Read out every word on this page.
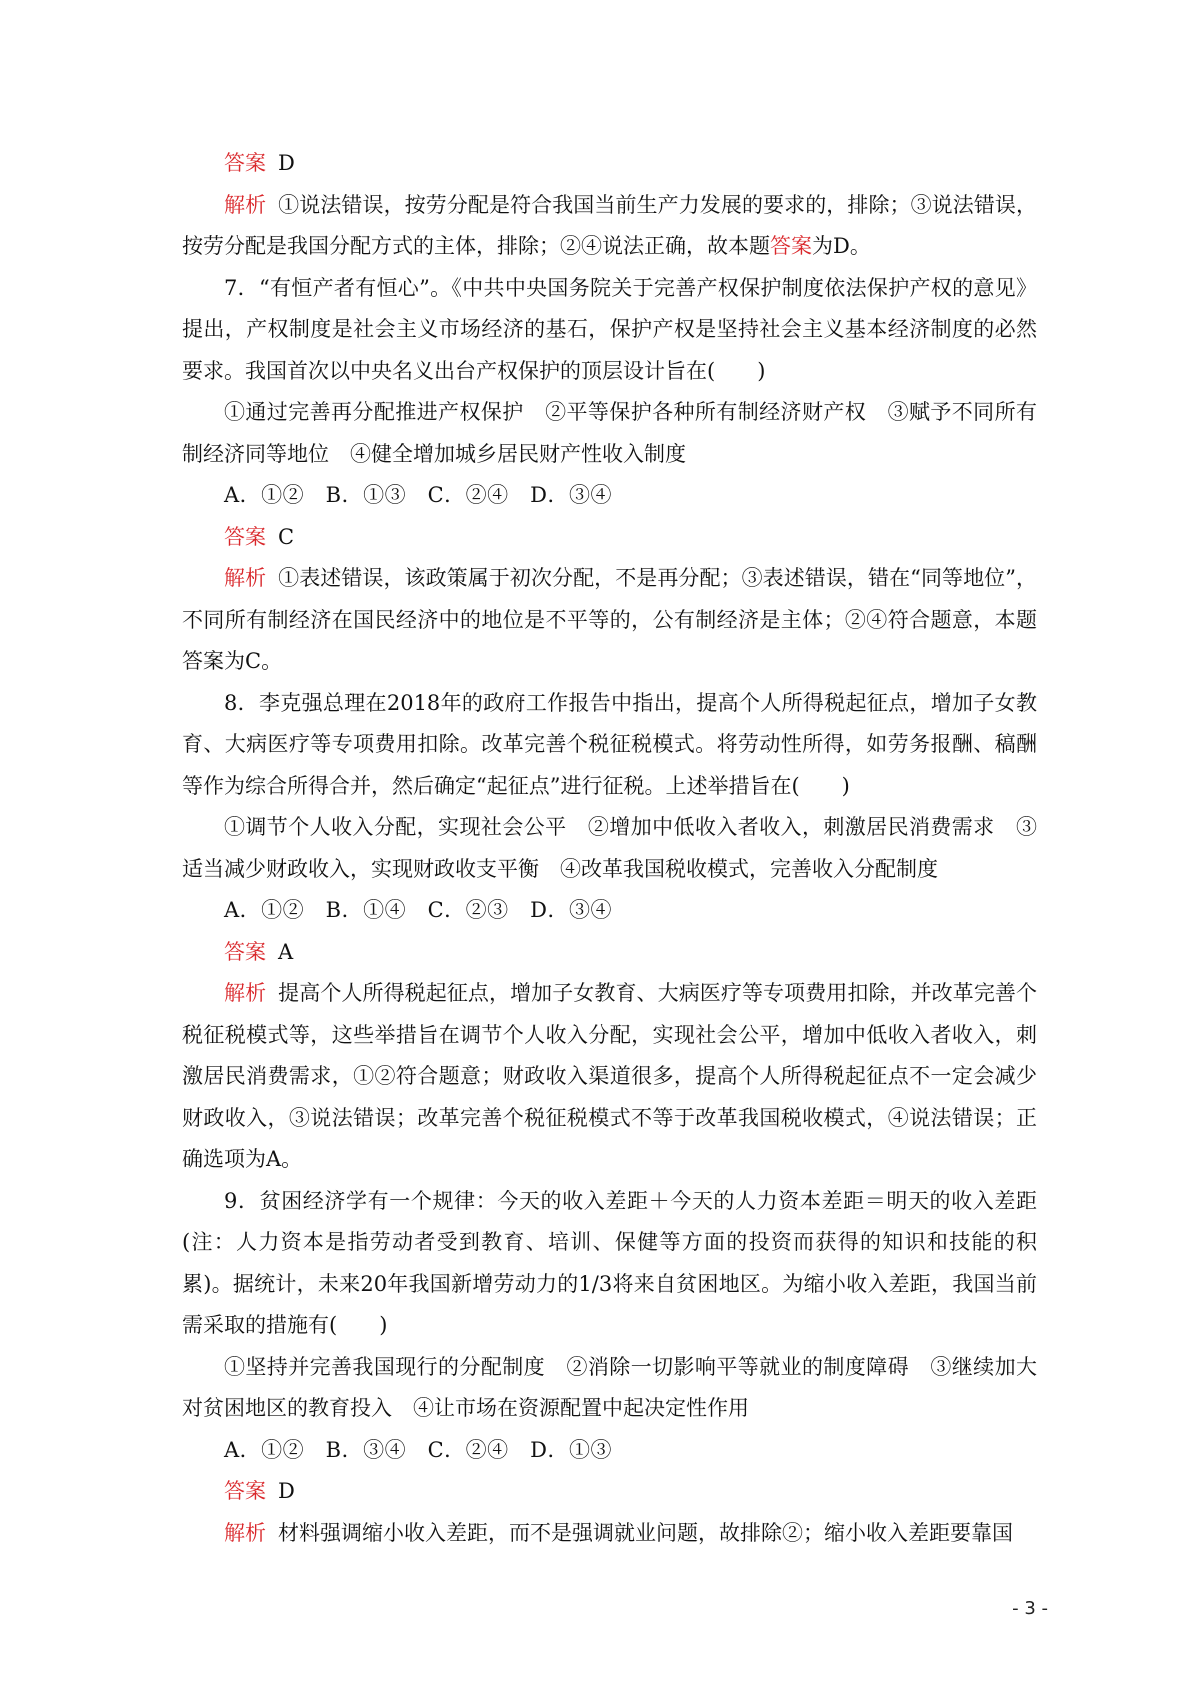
答案 D

解析 ①说法错误，按劳分配是符合我国当前生产力发展的要求的，排除；③说法错误，按劳分配是我国分配方式的主体，排除；②④说法正确，故本题答案为D。

7．“有恒产者有恒心”。《中共中央国务院关于完善产权保护制度依法保护产权的意见》提出，产权制度是社会主义市场经济的基石，保护产权是坚持社会主义基本经济制度的必然要求。我国首次以中央名义出台产权保护的顶层设计旨在(　　)

①通过完善再分配推进产权保护　②平等保护各种所有制经济财产权　③赋予不同所有制经济同等地位　④健全增加城乡居民财产性收入制度

A．①②　B．①③　C．②④　D．③④

答案 C

解析 ①表述错误，该政策属于初次分配，不是再分配；③表述错误，错在“同等地位”，不同所有制经济在国民经济中的地位是不平等的，公有制经济是主体；②④符合题意，本题答案为C。

8．李克强总理在2018年的政府工作报告中指出，提高个人所得税起征点，增加子女教育、大病医疗等专项费用扣除。改革完善个税征税模式。将劳动性所得，如劳务报酬、稿酬等作为综合所得合并，然后确定“起征点”进行征税。上述举措旨在(　　)

①调节个人收入分配，实现社会公平　②增加中低收入者收入，刺激居民消费需求　③适当减少财政收入，实现财政收支平衡　④改革我国税收模式，完善收入分配制度

A．①②　B．①④　C．②③　D．③④

答案 A

解析 提高个人所得税起征点，增加子女教育、大病医疗等专项费用扣除，并改革完善个税征税模式等，这些举措旨在调节个人收入分配，实现社会公平，增加中低收入者收入，刺激居民消费需求，①②符合题意；财政收入渠道很多，提高个人所得税起征点不一定会减少财政收入，③说法错误；改革完善个税征税模式不等于改革我国税收模式，④说法错误；正确选项为A。

9．贫困经济学有一个规律：今天的收入差距＋今天的人力资本差距＝明天的收入差距(注：人力资本是指劳动者受到教育、培训、保健等方面的投资而获得的知识和技能的积累)。据统计，未来20年我国新增劳动力的1/3将来自贫困地区。为缩小收入差距，我国当前需采取的措施有(　　)

①坚持并完善我国现行的分配制度　②消除一切影响平等就业的制度障碍　③继续加大对贫困地区的教育投入　④让市场在资源配置中起决定性作用

A．①②　B．③④　C．②④　D．①③

答案 D

解析 材料强调缩小收入差距，而不是强调就业问题，故排除②；缩小收入差距要靠国

- 3 -
